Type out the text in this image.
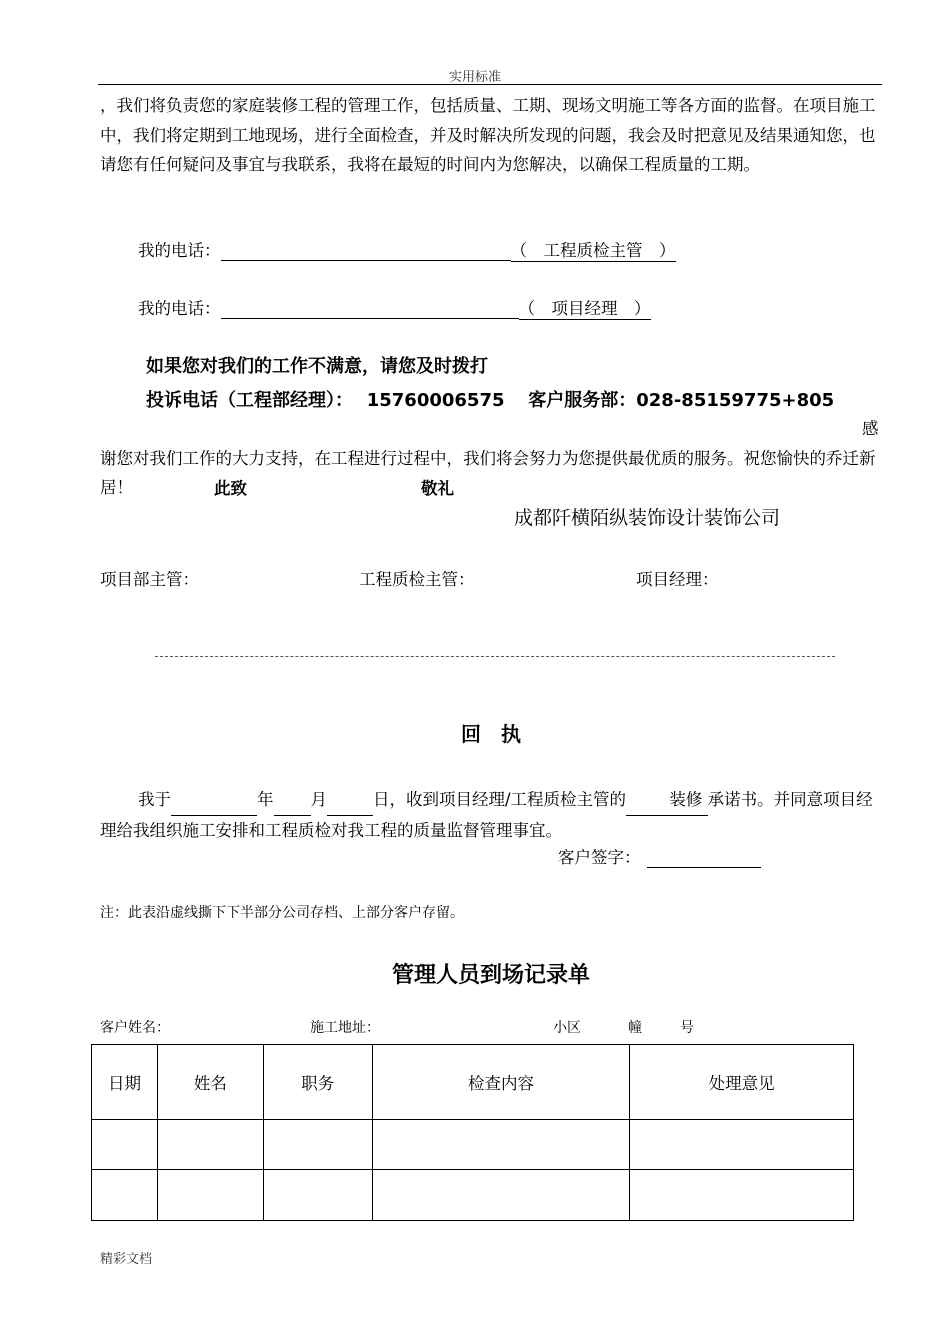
实用标准

，我们将负责您的家庭装修工程的管理工作，包括质量、工期、现场文明施工等各方面的监督。在项目施工中，我们将定期到工地现场，进行全面检查，并及时解决所发现的问题，我会及时把意见及结果通知您，也请您有任何疑问及事宜与我联系，我将在最短的时间内为您解决，以确保工程质量的工期。

我的电话：	（　工程质检主管　）
我的电话：	（　项目经理　）
如果您对我们的工作不满意，请您及时拨打
投诉电话（工程部经理）： 15760006575 客户服务部：028-85159775+805

感谢您对我们工作的大力支持，在工程进行过程中，我们将会努力为您提供最优质的服务。祝您愉快的乔迁新居！	此致	敬礼
成都阡横陌纵装饰设计装饰公司
项目部主管：	工程质检主管：	项目经理：
回　执

我于	年 月	日，收到项目经理/工程质检主管的	装修 承诺书。并同意项目经理给我组织施工安排和工程质检对我工程的质量监督管理事宜。

客户签字：
注：此表沿虚线撕下下半部分公司存档、上部分客户存留。
管理人员到场记录单
客户姓名：	施工地址：	小区	幢	号
日期	姓名	职务	检查内容	处理意见

精彩文档
